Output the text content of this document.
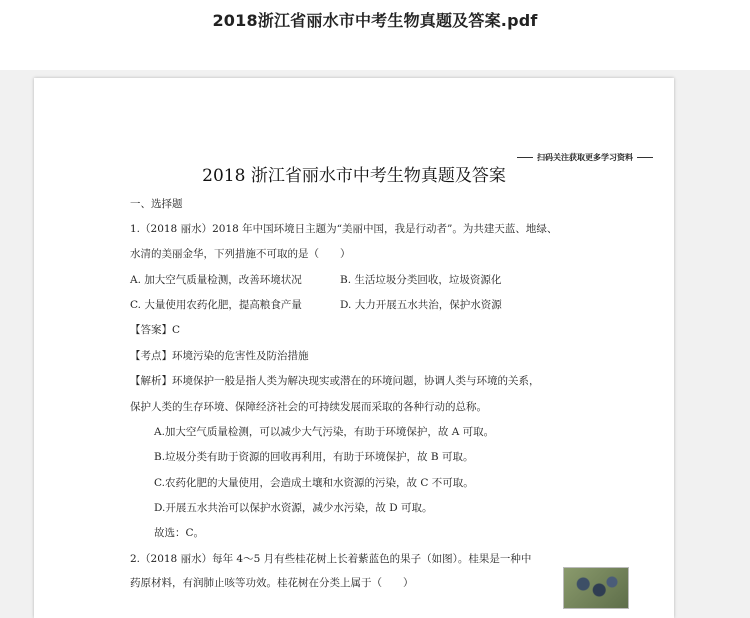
2018浙江省丽水市中考生物真题及答案.pdf
扫码关注获取更多学习资料
2018 浙江省丽水市中考生物真题及答案
一、选择题
1.（2018 丽水）2018 年中国环境日主题为“美丽中国，我是行动者”。为共建天蓝、地绿、
水清的美丽金华，下列措施不可取的是（　　）
A. 加大空气质量检测，改善环境状况	B. 生活垃圾分类回收，垃圾资源化
C. 大量使用农药化肥，提高粮食产量	D. 大力开展五水共治，保护水资源
【答案】C
【考点】环境污染的危害性及防治措施
【解析】环境保护一般是指人类为解决现实或潜在的环境问题，协调人类与环境的关系，
保护人类的生存环境、保障经济社会的可持续发展而采取的各种行动的总称。
A.加大空气质量检测，可以减少大气污染，有助于环境保护，故 A 可取。
B.垃圾分类有助于资源的回收再利用，有助于环境保护，故 B 可取。
C.农药化肥的大量使用，会造成土壤和水资源的污染，故 C 不可取。
D.开展五水共治可以保护水资源，减少水污染，故 D 可取。
故选：C。
2.（2018 丽水）每年 4～5 月有些桂花树上长着紫蓝色的果子（如图）。桂果是一种中
药原材料，有润肺止咳等功效。桂花树在分类上属于（　　）
